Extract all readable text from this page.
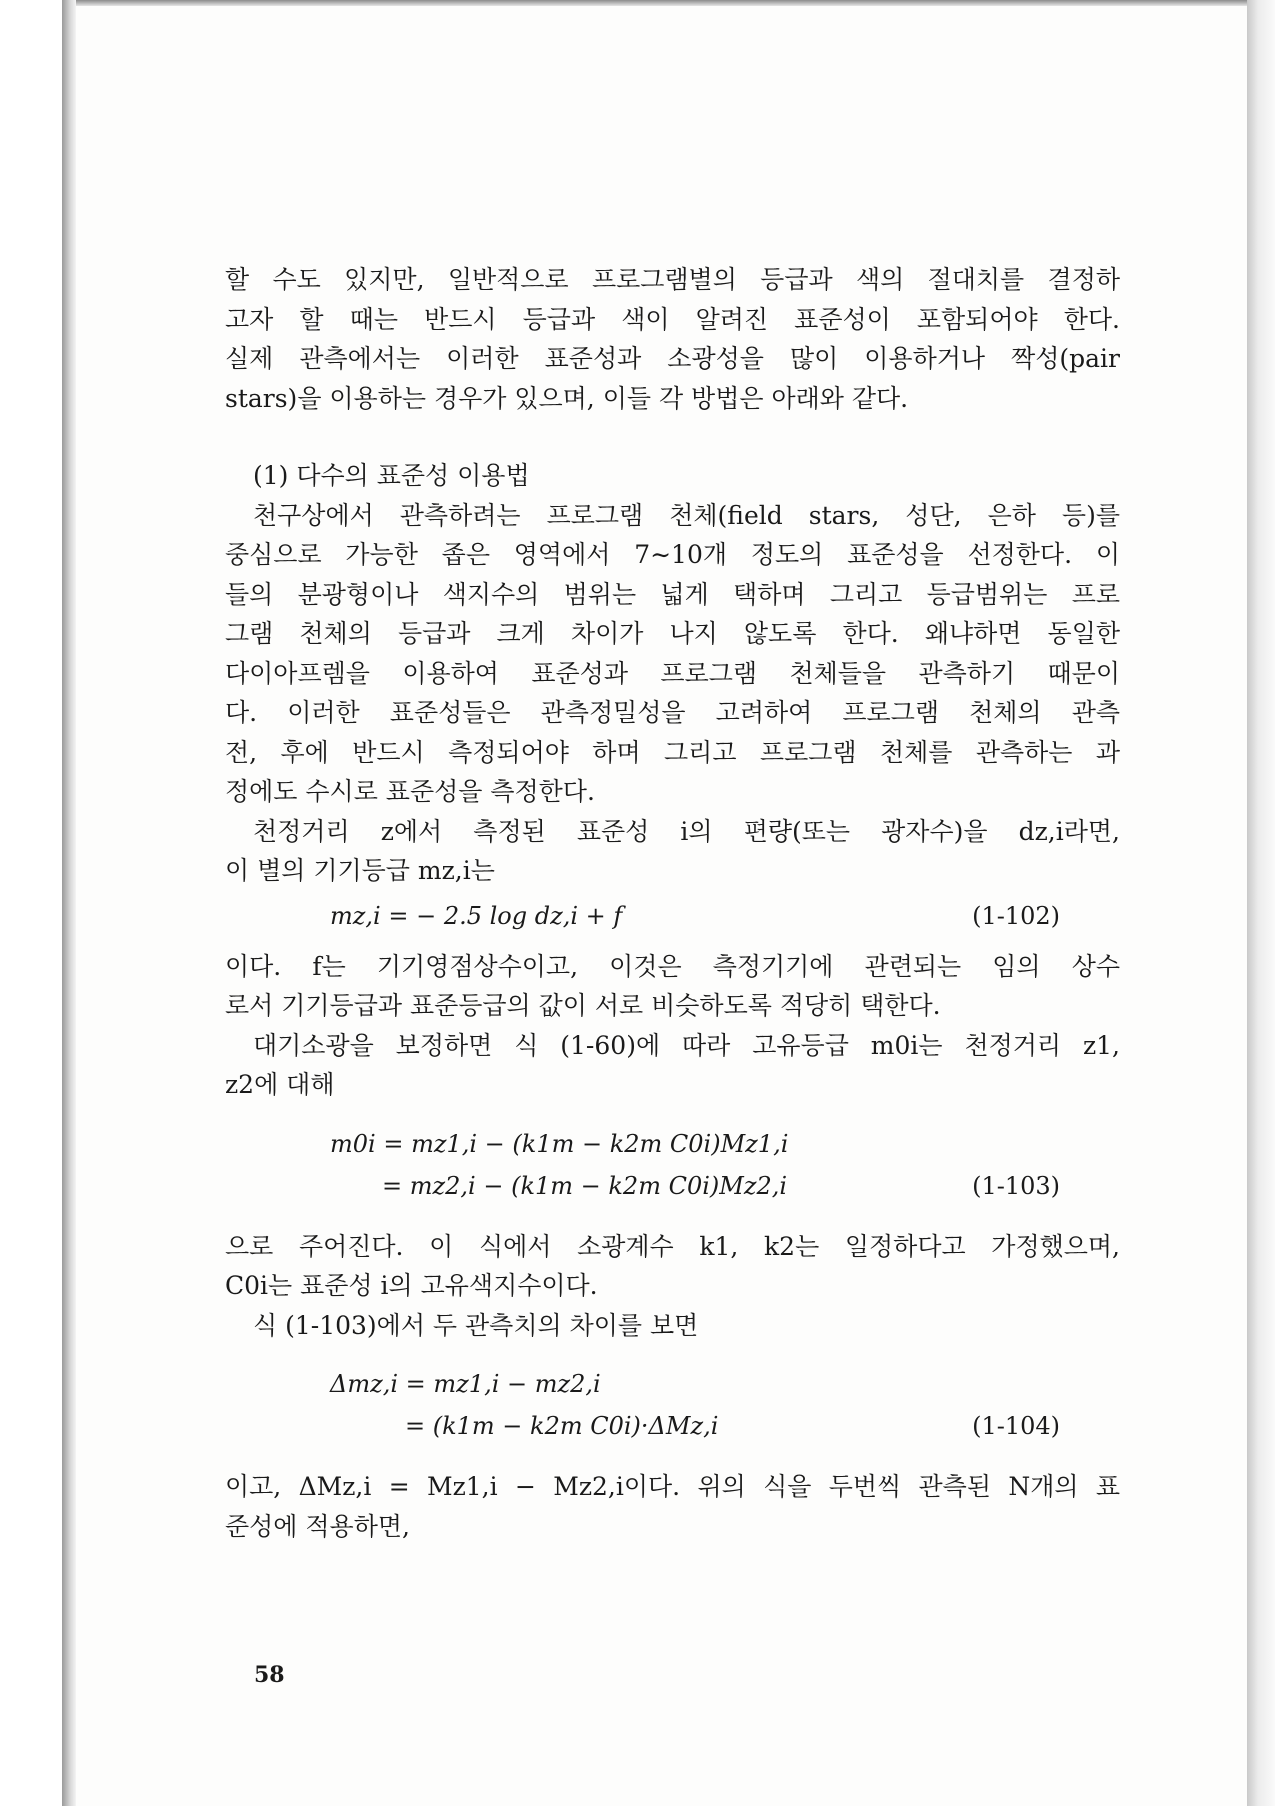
할 수도 있지만, 일반적으로 프로그램별의 등급과 색의 절대치를 결정하
고자 할 때는 반드시 등급과 색이 알려진 표준성이 포함되어야 한다.
실제 관측에서는 이러한 표준성과 소광성을 많이 이용하거나 짝성(pair
stars)을 이용하는 경우가 있으며, 이들 각 방법은 아래와 같다.
(1) 다수의 표준성 이용법
천구상에서 관측하려는 프로그램 천체(field stars, 성단, 은하 등)를
중심으로 가능한 좁은 영역에서 7∼10개 정도의 표준성을 선정한다. 이
들의 분광형이나 색지수의 범위는 넓게 택하며 그리고 등급범위는 프로
그램 천체의 등급과 크게 차이가 나지 않도록 한다. 왜냐하면 동일한
다이아프렘을 이용하여 표준성과 프로그램 천체들을 관측하기 때문이
다. 이러한 표준성들은 관측정밀성을 고려하여 프로그램 천체의 관측
전, 후에 반드시 측정되어야 하며 그리고 프로그램 천체를 관측하는 과
정에도 수시로 표준성을 측정한다.
천정거리 z에서 측정된 표준성 i의 편량(또는 광자수)을 dz,i라면,
이 별의 기기등급 mz,i는
mz,i = − 2.5 log dz,i + f	(1-102)
이다. f는 기기영점상수이고, 이것은 측정기기에 관련되는 임의 상수
로서 기기등급과 표준등급의 값이 서로 비슷하도록 적당히 택한다.
대기소광을 보정하면 식 (1-60)에 따라 고유등급 m0i는 천정거리 z1,
z2에 대해
m0i = mz1,i − (k1m − k2m C0i)Mz1,i
= mz2,i − (k1m − k2m C0i)Mz2,i	(1-103)
으로 주어진다. 이 식에서 소광계수 k1, k2는 일정하다고 가정했으며,
C0i는 표준성 i의 고유색지수이다.
식 (1-103)에서 두 관측치의 차이를 보면
Δmz,i = mz1,i − mz2,i
= (k1m − k2m C0i)·ΔMz,i	(1-104)
이고, ΔMz,i = Mz1,i − Mz2,i이다. 위의 식을 두번씩 관측된 N개의 표
준성에 적용하면,
58
